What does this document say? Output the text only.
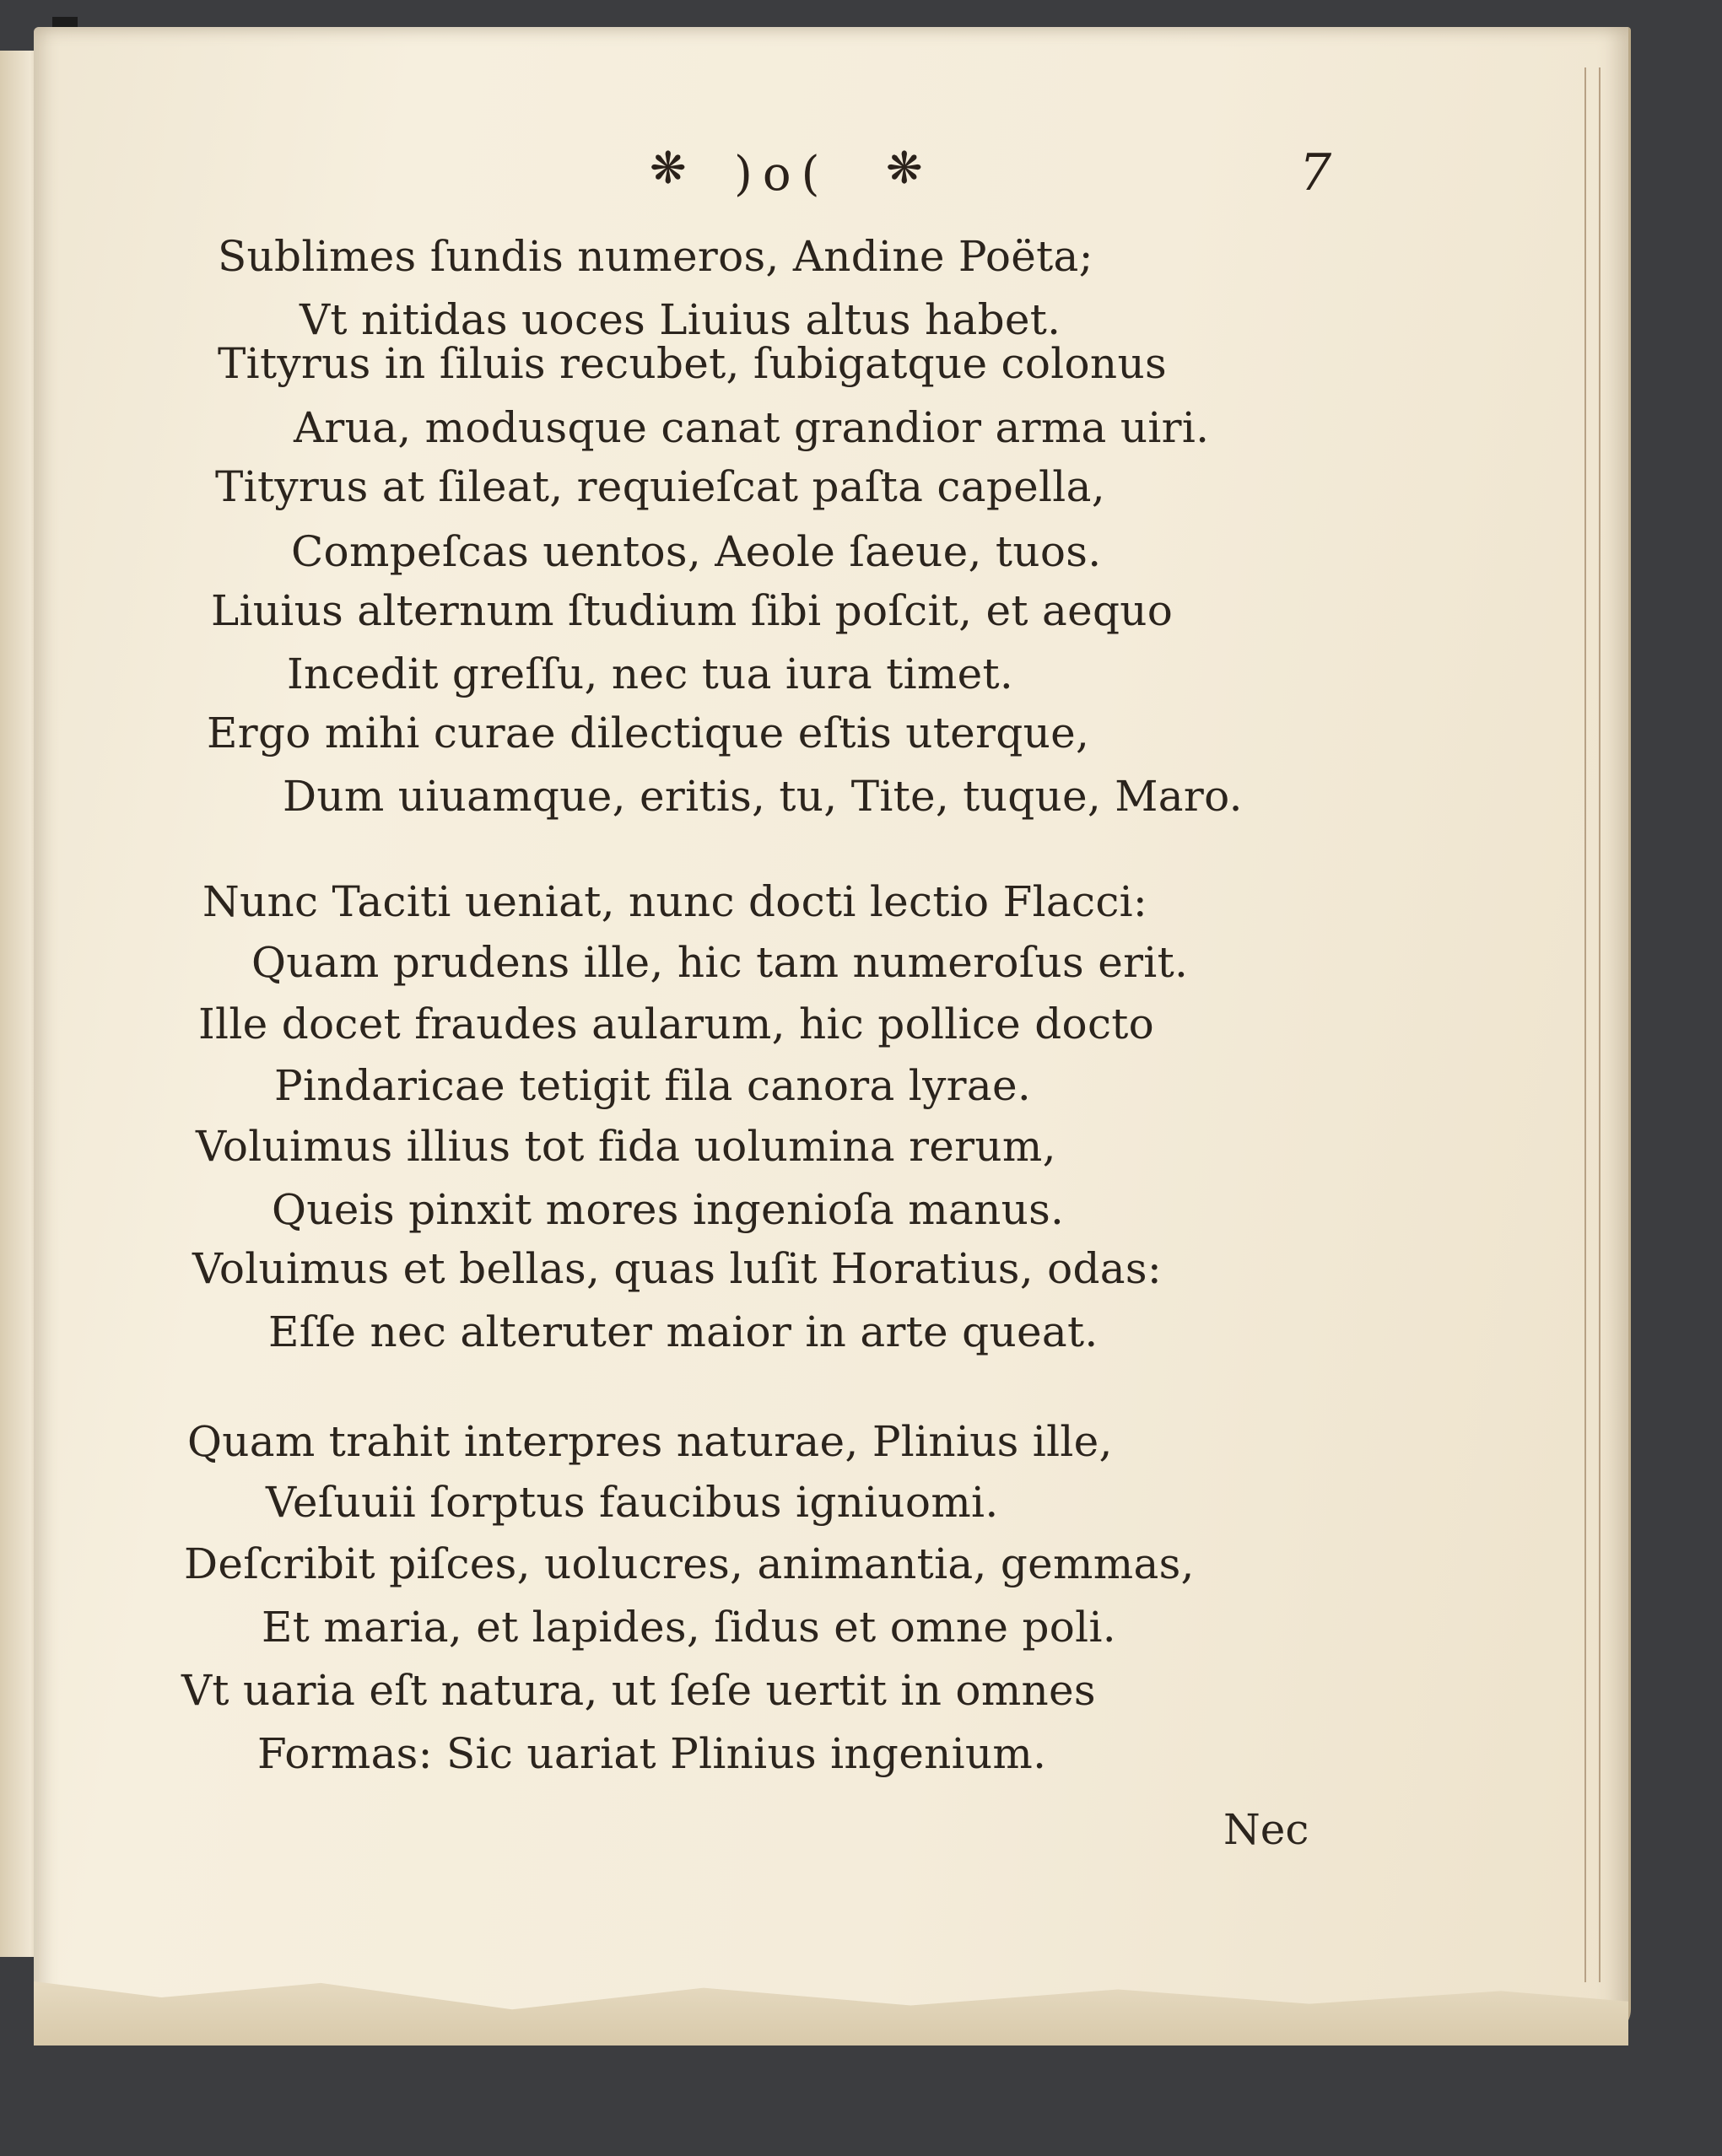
❋ )o( ❋	7
Sublimes ſundis numeros, Andine Poëta;
Vt nitidas uoces Liuius altus habet.
Tityrus in ſiluis recubet, ſubigatque colonus
Arua, modusque canat grandior arma uiri.
Tityrus at ſileat, requieſcat paſta capella,
Compeſcas uentos, Aeole ſaeue, tuos.
Liuius alternum ſtudium ſibi poſcit, et aequo
Incedit greſſu, nec tua iura timet.
Ergo mihi curae dilectique eſtis uterque,
Dum uiuamque, eritis, tu, Tite, tuque, Maro.
Nunc Taciti ueniat, nunc docti lectio Flacci:
Quam prudens ille, hic tam numeroſus erit.
Ille docet fraudes aularum, hic pollice docto
Pindaricae tetigit fila canora lyrae.
Voluimus illius tot fida uolumina rerum,
Queis pinxit mores ingenioſa manus.
Voluimus et bellas, quas luſit Horatius, odas:
Eſſe nec alteruter maior in arte queat.
Quam trahit interpres naturae, Plinius ille,
Veſuuii ſorptus faucibus igniuomi.
Deſcribit piſces, uolucres, animantia, gemmas,
Et maria, et lapides, ſidus et omne poli.
Vt uaria eſt natura, ut ſeſe uertit in omnes
Formas: Sic uariat Plinius ingenium.
Nec
